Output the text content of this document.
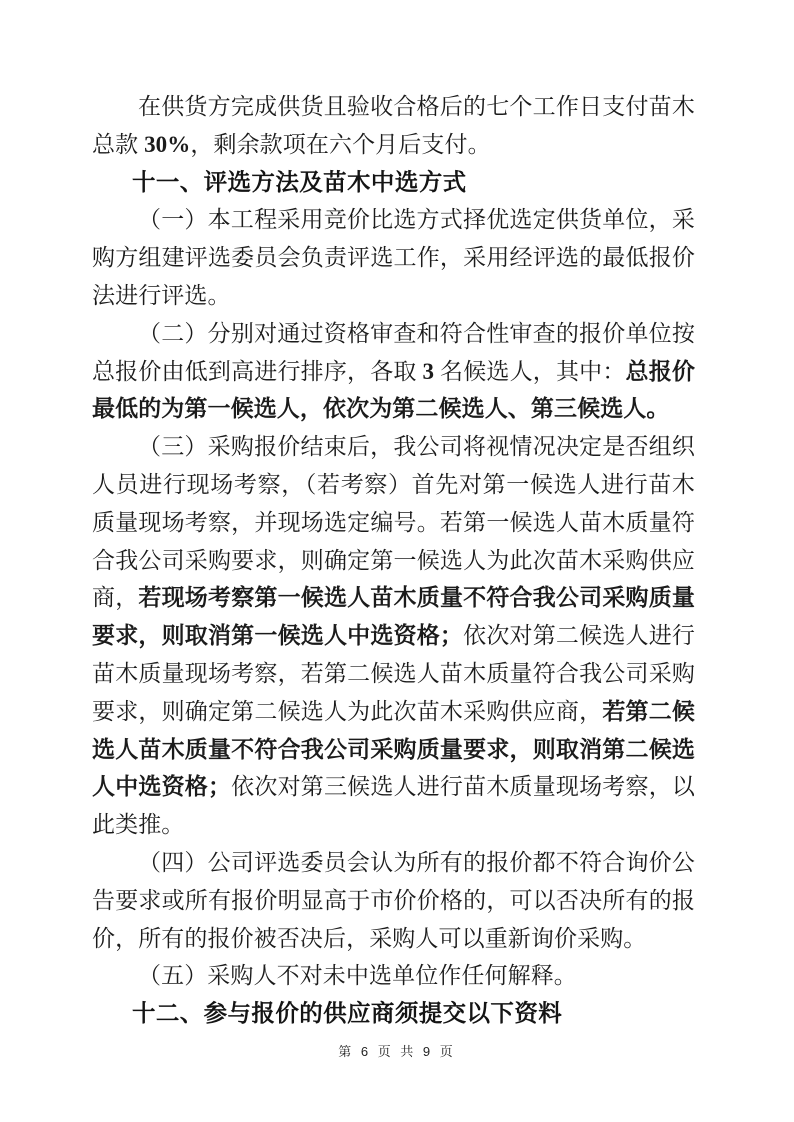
在供货方完成供货且验收合格后的七个工作日支付苗木总款 30%，剩余款项在六个月后支付。

十一、评选方法及苗木中选方式

（一）本工程采用竞价比选方式择优选定供货单位，采购方组建评选委员会负责评选工作，采用经评选的最低报价法进行评选。

（二）分别对通过资格审查和符合性审查的报价单位按总报价由低到高进行排序，各取 3 名候选人，其中：总报价最低的为第一候选人，依次为第二候选人、第三候选人。

（三）采购报价结束后，我公司将视情况决定是否组织人员进行现场考察，（若考察）首先对第一候选人进行苗木质量现场考察，并现场选定编号。若第一候选人苗木质量符合我公司采购要求，则确定第一候选人为此次苗木采购供应商，若现场考察第一候选人苗木质量不符合我公司采购质量要求，则取消第一候选人中选资格；依次对第二候选人进行苗木质量现场考察，若第二候选人苗木质量符合我公司采购要求，则确定第二候选人为此次苗木采购供应商，若第二候选人苗木质量不符合我公司采购质量要求，则取消第二候选人中选资格；依次对第三候选人进行苗木质量现场考察，以此类推。

（四）公司评选委员会认为所有的报价都不符合询价公告要求或所有报价明显高于市价价格的，可以否决所有的报价，所有的报价被否决后，采购人可以重新询价采购。

（五）采购人不对未中选单位作任何解释。

十二、参与报价的供应商须提交以下资料

第 6 页 共 9 页
